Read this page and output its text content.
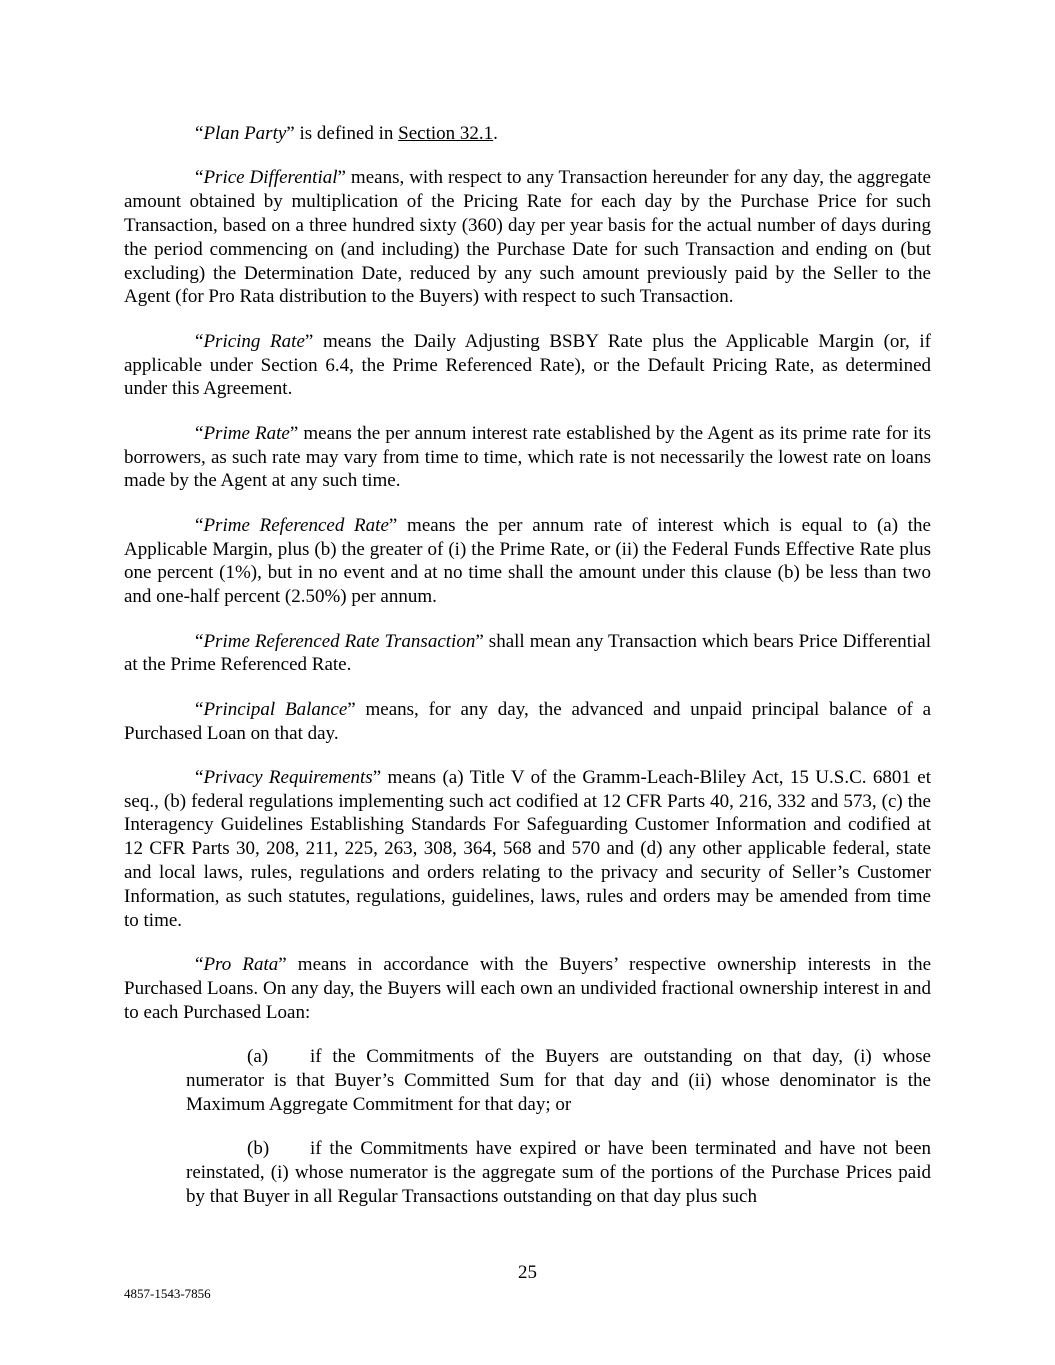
“Plan Party” is defined in Section 32.1.

“Price Differential” means, with respect to any Transaction hereunder for any day, the aggregate amount obtained by multiplication of the Pricing Rate for each day by the Purchase Price for such Transaction, based on a three hundred sixty (360) day per year basis for the actual number of days during the period commencing on (and including) the Purchase Date for such Transaction and ending on (but excluding) the Determination Date, reduced by any such amount previously paid by the Seller to the Agent (for Pro Rata distribution to the Buyers) with respect to such Transaction.

“Pricing Rate” means the Daily Adjusting BSBY Rate plus the Applicable Margin (or, if applicable under Section 6.4, the Prime Referenced Rate), or the Default Pricing Rate, as determined under this Agreement.

“Prime Rate” means the per annum interest rate established by the Agent as its prime rate for its borrowers, as such rate may vary from time to time, which rate is not necessarily the lowest rate on loans made by the Agent at any such time.

“Prime Referenced Rate” means the per annum rate of interest which is equal to (a) the Applicable Margin, plus (b) the greater of (i) the Prime Rate, or (ii) the Federal Funds Effective Rate plus one percent (1%), but in no event and at no time shall the amount under this clause (b) be less than two and one-half percent (2.50%) per annum.

“Prime Referenced Rate Transaction” shall mean any Transaction which bears Price Differential at the Prime Referenced Rate.

“Principal Balance” means, for any day, the advanced and unpaid principal balance of a Purchased Loan on that day.

“Privacy Requirements” means (a) Title V of the Gramm-Leach-Bliley Act, 15 U.S.C. 6801 et seq., (b) federal regulations implementing such act codified at 12 CFR Parts 40, 216, 332 and 573, (c) the Interagency Guidelines Establishing Standards For Safeguarding Customer Information and codified at 12 CFR Parts 30, 208, 211, 225, 263, 308, 364, 568 and 570 and (d) any other applicable federal, state and local laws, rules, regulations and orders relating to the privacy and security of Seller’s Customer Information, as such statutes, regulations, guidelines, laws, rules and orders may be amended from time to time.

“Pro Rata” means in accordance with the Buyers’ respective ownership interests in the Purchased Loans. On any day, the Buyers will each own an undivided fractional ownership interest in and to each Purchased Loan:

(a) if the Commitments of the Buyers are outstanding on that day, (i) whose numerator is that Buyer’s Committed Sum for that day and (ii) whose denominator is the Maximum Aggregate Commitment for that day; or

(b) if the Commitments have expired or have been terminated and have not been reinstated, (i) whose numerator is the aggregate sum of the portions of the Purchase Prices paid by that Buyer in all Regular Transactions outstanding on that day plus such

25
4857-1543-7856
